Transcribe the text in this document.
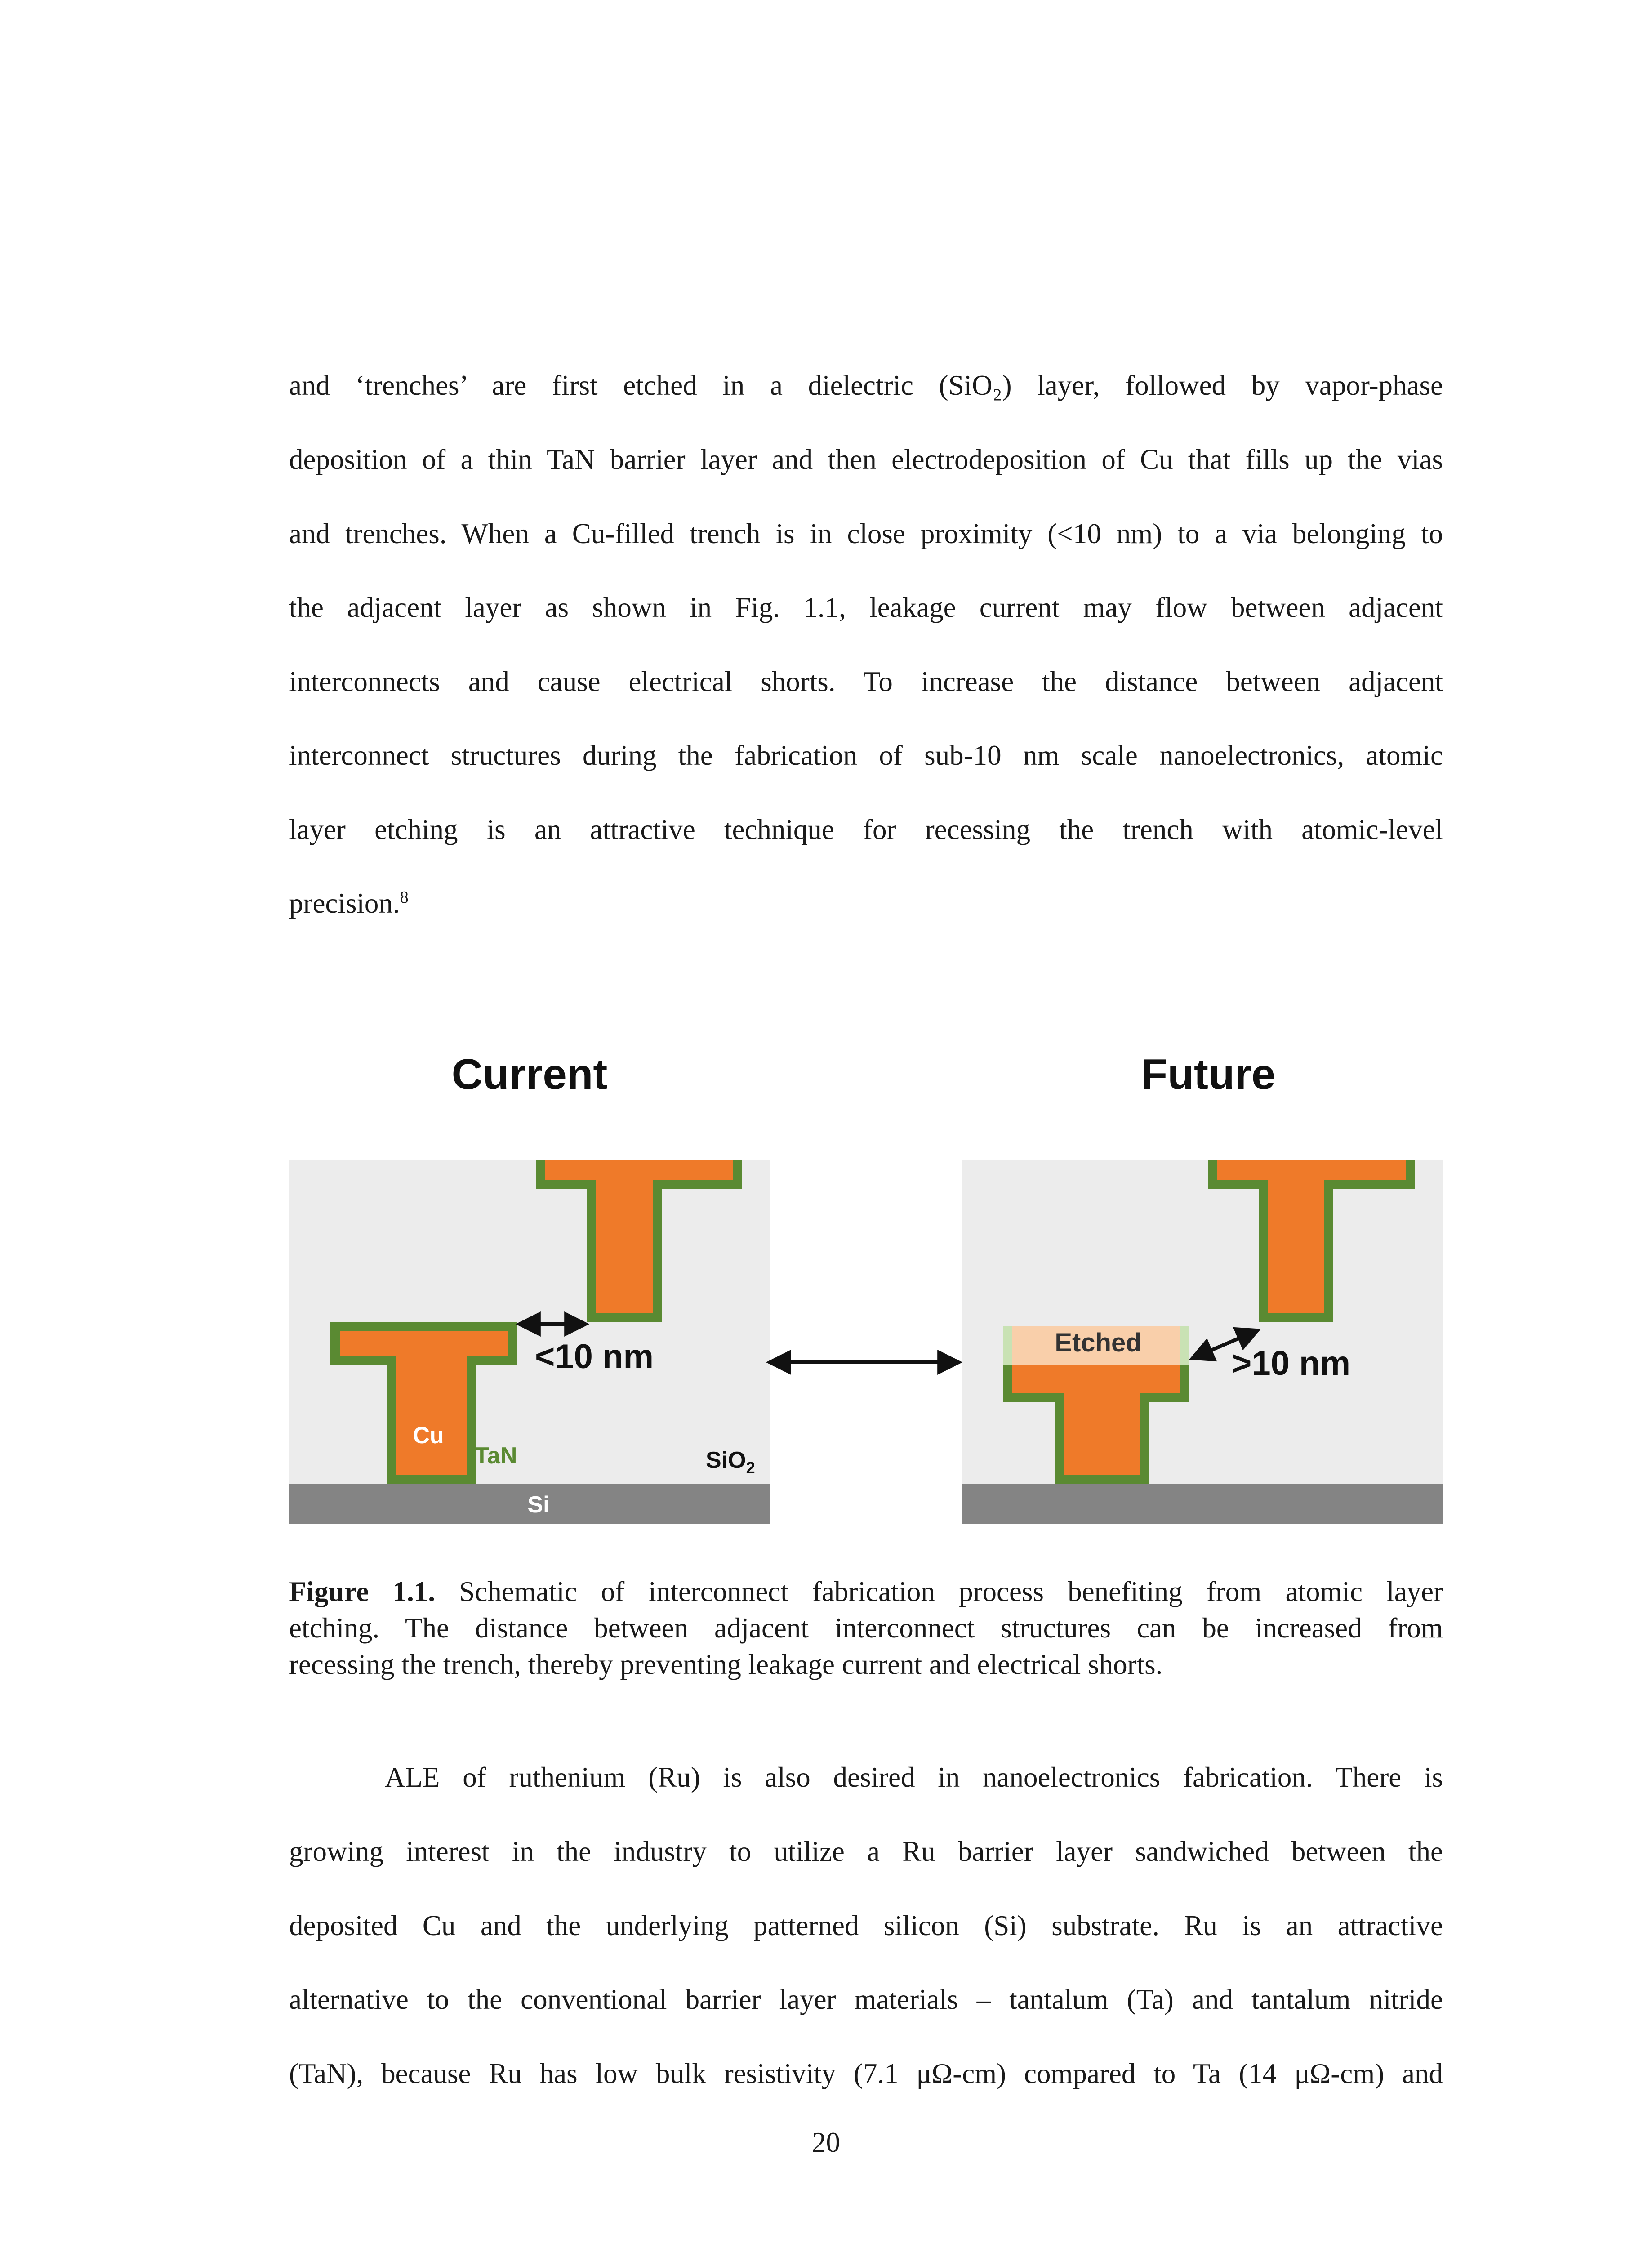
and ‘trenches’ are first etched in a dielectric (SiO₂) layer, followed by vapor-phase
deposition of a thin TaN barrier layer and then electrodeposition of Cu that fills up the vias
and trenches. When a Cu-filled trench is in close proximity (<10 nm) to a via belonging to
the adjacent layer as shown in Fig. 1.1, leakage current may flow between adjacent
interconnects and cause electrical shorts. To increase the distance between adjacent
interconnect structures during the fabrication of sub-10 nm scale nanoelectronics, atomic
layer etching is an attractive technique for recessing the trench with atomic-level
precision.$^8$
Current	Future
<10 nm
Cu
TaN	SiO$_2$
Si
Etched
>10 nm
Figure 1.1. Schematic of interconnect fabrication process benefiting from atomic layer
etching. The distance between adjacent interconnect structures can be increased from
recessing the trench, thereby preventing leakage current and electrical shorts.
ALE of ruthenium (Ru) is also desired in nanoelectronics fabrication. There is
growing interest in the industry to utilize a Ru barrier layer sandwiched between the
deposited Cu and the underlying patterned silicon (Si) substrate. Ru is an attractive
alternative to the conventional barrier layer materials – tantalum (Ta) and tantalum nitride
(TaN), because Ru has low bulk resistivity (7.1 μΩ-cm) compared to Ta (14 μΩ-cm) and
20
